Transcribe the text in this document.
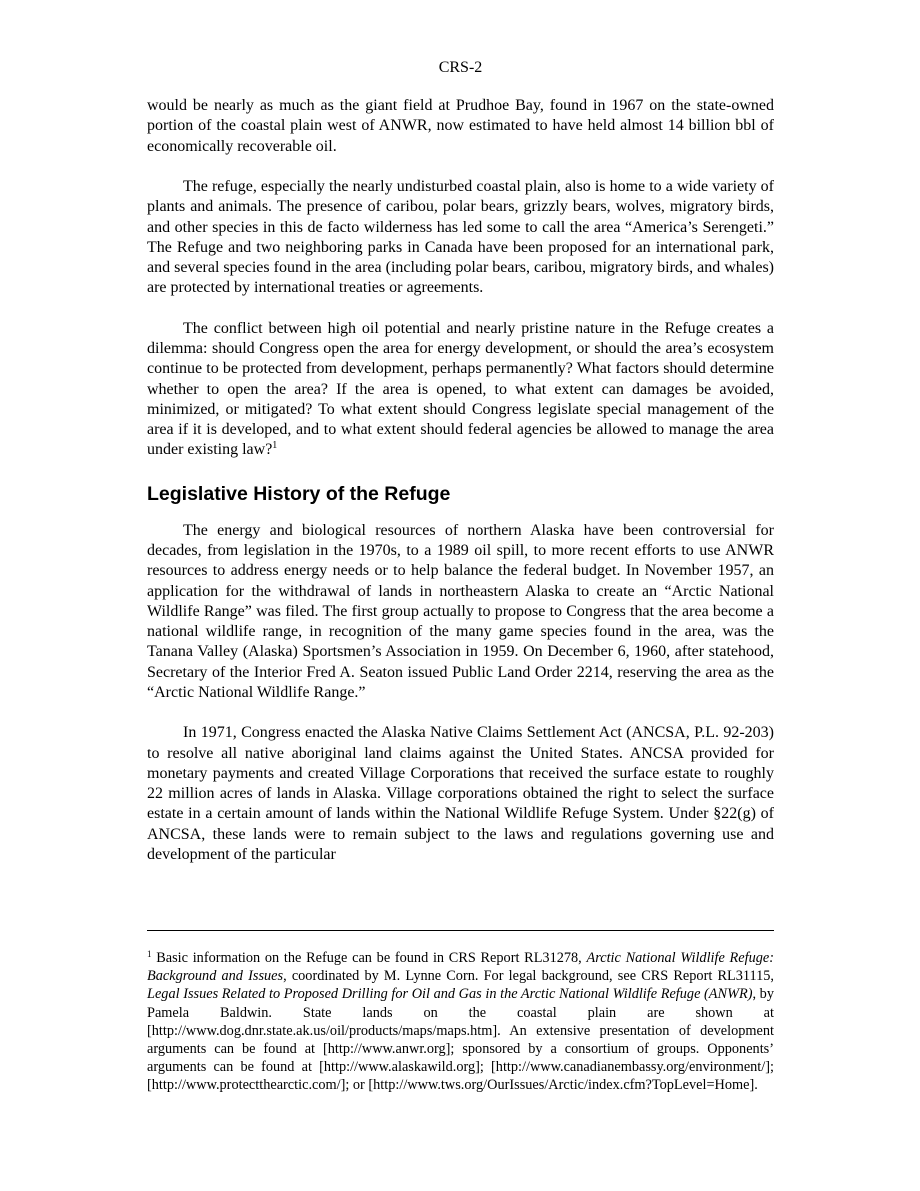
CRS-2

would be nearly as much as the giant field at Prudhoe Bay, found in 1967 on the state-owned portion of the coastal plain west of ANWR, now estimated to have held almost 14 billion bbl of economically recoverable oil.

The refuge, especially the nearly undisturbed coastal plain, also is home to a wide variety of plants and animals. The presence of caribou, polar bears, grizzly bears, wolves, migratory birds, and other species in this de facto wilderness has led some to call the area “America’s Serengeti.” The Refuge and two neighboring parks in Canada have been proposed for an international park, and several species found in the area (including polar bears, caribou, migratory birds, and whales) are protected by international treaties or agreements.

The conflict between high oil potential and nearly pristine nature in the Refuge creates a dilemma: should Congress open the area for energy development, or should the area’s ecosystem continue to be protected from development, perhaps permanently? What factors should determine whether to open the area? If the area is opened, to what extent can damages be avoided, minimized, or mitigated? To what extent should Congress legislate special management of the area if it is developed, and to what extent should federal agencies be allowed to manage the area under existing law?$^1$

Legislative History of the Refuge

The energy and biological resources of northern Alaska have been controversial for decades, from legislation in the 1970s, to a 1989 oil spill, to more recent efforts to use ANWR resources to address energy needs or to help balance the federal budget. In November 1957, an application for the withdrawal of lands in northeastern Alaska to create an “Arctic National Wildlife Range” was filed. The first group actually to propose to Congress that the area become a national wildlife range, in recognition of the many game species found in the area, was the Tanana Valley (Alaska) Sportsmen’s Association in 1959. On December 6, 1960, after statehood, Secretary of the Interior Fred A. Seaton issued Public Land Order 2214, reserving the area as the “Arctic National Wildlife Range.”

In 1971, Congress enacted the Alaska Native Claims Settlement Act (ANCSA, P.L. 92-203) to resolve all native aboriginal land claims against the United States. ANCSA provided for monetary payments and created Village Corporations that received the surface estate to roughly 22 million acres of lands in Alaska. Village corporations obtained the right to select the surface estate in a certain amount of lands within the National Wildlife Refuge System. Under §22(g) of ANCSA, these lands were to remain subject to the laws and regulations governing use and development of the particular

$^1$ Basic information on the Refuge can be found in CRS Report RL31278, Arctic National Wildlife Refuge: Background and Issues, coordinated by M. Lynne Corn. For legal background, see CRS Report RL31115, Legal Issues Related to Proposed Drilling for Oil and Gas in the Arctic National Wildlife Refuge (ANWR), by Pamela Baldwin. State lands on the coastal plain are shown at [http://www.dog.dnr.state.ak.us/oil/products/maps/maps.htm]. An extensive presentation of development arguments can be found at [http://www.anwr.org]; sponsored by a consortium of groups. Opponents’ arguments can be found at [http://www.alaskawild.org]; [http://www.canadianembassy.org/environment/]; [http://www.protectthearctic.com/]; or [http://www.tws.org/OurIssues/Arctic/index.cfm?TopLevel=Home].
